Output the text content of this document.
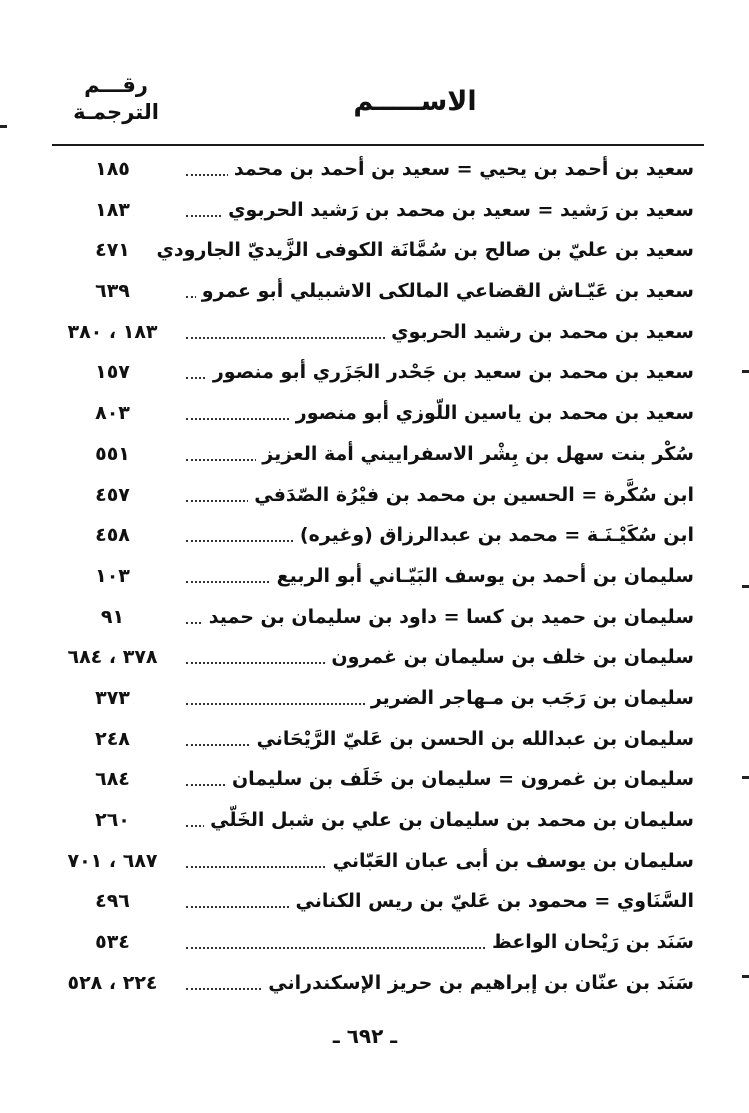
الاســـــم
رقـــم
الترجمـة
سعيد بن أحمد بن يحيي = سعيد بن أحمد بن محمد
١٨٥
سعيد بن رَشيد = سعيد بن محمد بن رَشيد الحربوي
١٨٣
سعيد بن عليّ بن صالح بن سُمَّانَة الكوفى الزَّيديّ الجارودي
٤٧١
سعيد بن عَيّـاش القضاعي المالكى الاشبيلي أبو عمرو
٦٣٩
سعيد بن محمد بن رشيد الحربوي
١٨٣ ، ٣٨٠
سعيد بن محمد بن سعيد بن جَحْدر الجَزَري أبو منصور
١٥٧
سعيد بن محمد بن ياسين اللّوزي أبو منصور
٨٠٣
سُكْر بنت سهل بن بِشْر الاسفراييني أمة العزيز
٥٥١
ابن سُكَّرة = الحسين بن محمد بن فيْرُة الصّدَفي
٤٥٧
ابن سُكَيْـنَـة = محمد بن عبدالرزاق (وغيره)
٤٥٨
سليمان بن أحمد بن يوسف البَيّـاني أبو الربيع
١٠٣
سليمان بن حميد بن كسا = داود بن سليمان بن حميد
٩١
سليمان بن خلف بن سليمان بن غمرون
٣٧٨ ، ٦٨٤
سليمان بن رَجَب بن مـهاجر الضرير
٣٧٣
سليمان بن عبدالله بن الحسن بن عَليّ الرَّيْحَاني
٢٤٨
سليمان بن غمرون = سليمان بن خَلَف بن سليمان
٦٨٤
سليمان بن محمد بن سليمان بن علي بن شبل الخَلّي
٢٦٠
سليمان بن يوسف بن أبى عبان العَبّاني
٦٨٧ ، ٧٠١
السَّنَاوي = محمود بن عَليّ بن ريس الكناني
٤٩٦
سَنَد بن رَيْحان الواعظ
٥٣٤
سَنَد بن عنّان بن إبراهيم بن حريز الإسكندراني
٢٢٤ ، ٥٢٨
ـ ٦٩٢ ـ
